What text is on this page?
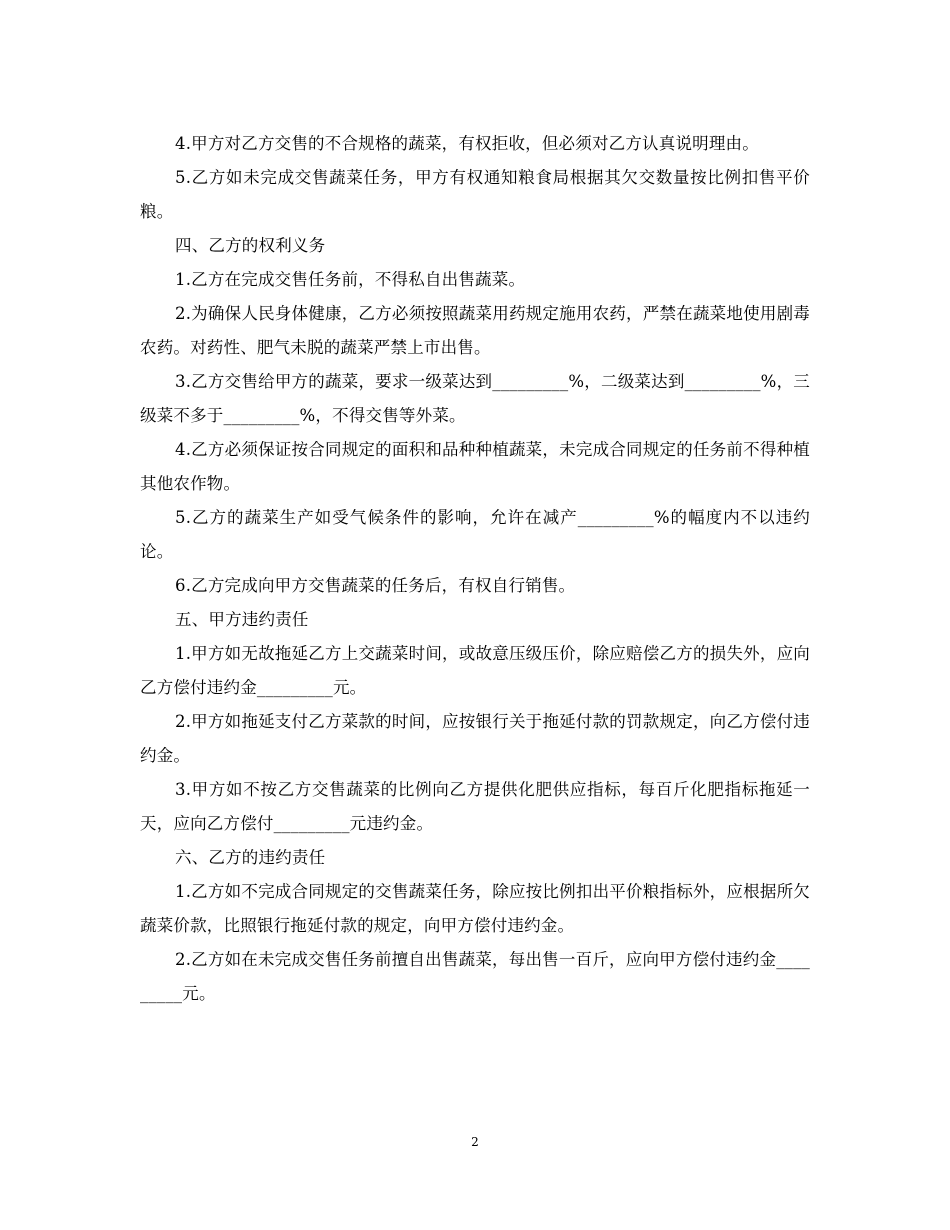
4.甲方对乙方交售的不合规格的蔬菜，有权拒收，但必须对乙方认真说明理由。

5.乙方如未完成交售蔬菜任务，甲方有权通知粮食局根据其欠交数量按比例扣售平价粮。

四、乙方的权利义务

1.乙方在完成交售任务前，不得私自出售蔬菜。

2.为确保人民身体健康，乙方必须按照蔬菜用药规定施用农药，严禁在蔬菜地使用剧毒农药。对药性、肥气未脱的蔬菜严禁上市出售。

3.乙方交售给甲方的蔬菜，要求一级菜达到_________%，二级菜达到_________%，三级菜不多于_________%，不得交售等外菜。

4.乙方必须保证按合同规定的面积和品种种植蔬菜，未完成合同规定的任务前不得种植其他农作物。

5.乙方的蔬菜生产如受气候条件的影响，允许在减产_________%的幅度内不以违约论。

6.乙方完成向甲方交售蔬菜的任务后，有权自行销售。

五、甲方违约责任

1.甲方如无故拖延乙方上交蔬菜时间，或故意压级压价，除应赔偿乙方的损失外，应向乙方偿付违约金_________元。

2.甲方如拖延支付乙方菜款的时间，应按银行关于拖延付款的罚款规定，向乙方偿付违约金。

3.甲方如不按乙方交售蔬菜的比例向乙方提供化肥供应指标，每百斤化肥指标拖延一天，应向乙方偿付_________元违约金。

六、乙方的违约责任

1.乙方如不完成合同规定的交售蔬菜任务，除应按比例扣出平价粮指标外，应根据所欠蔬菜价款，比照银行拖延付款的规定，向甲方偿付违约金。

2.乙方如在未完成交售任务前擅自出售蔬菜，每出售一百斤，应向甲方偿付违约金_________元。

2
